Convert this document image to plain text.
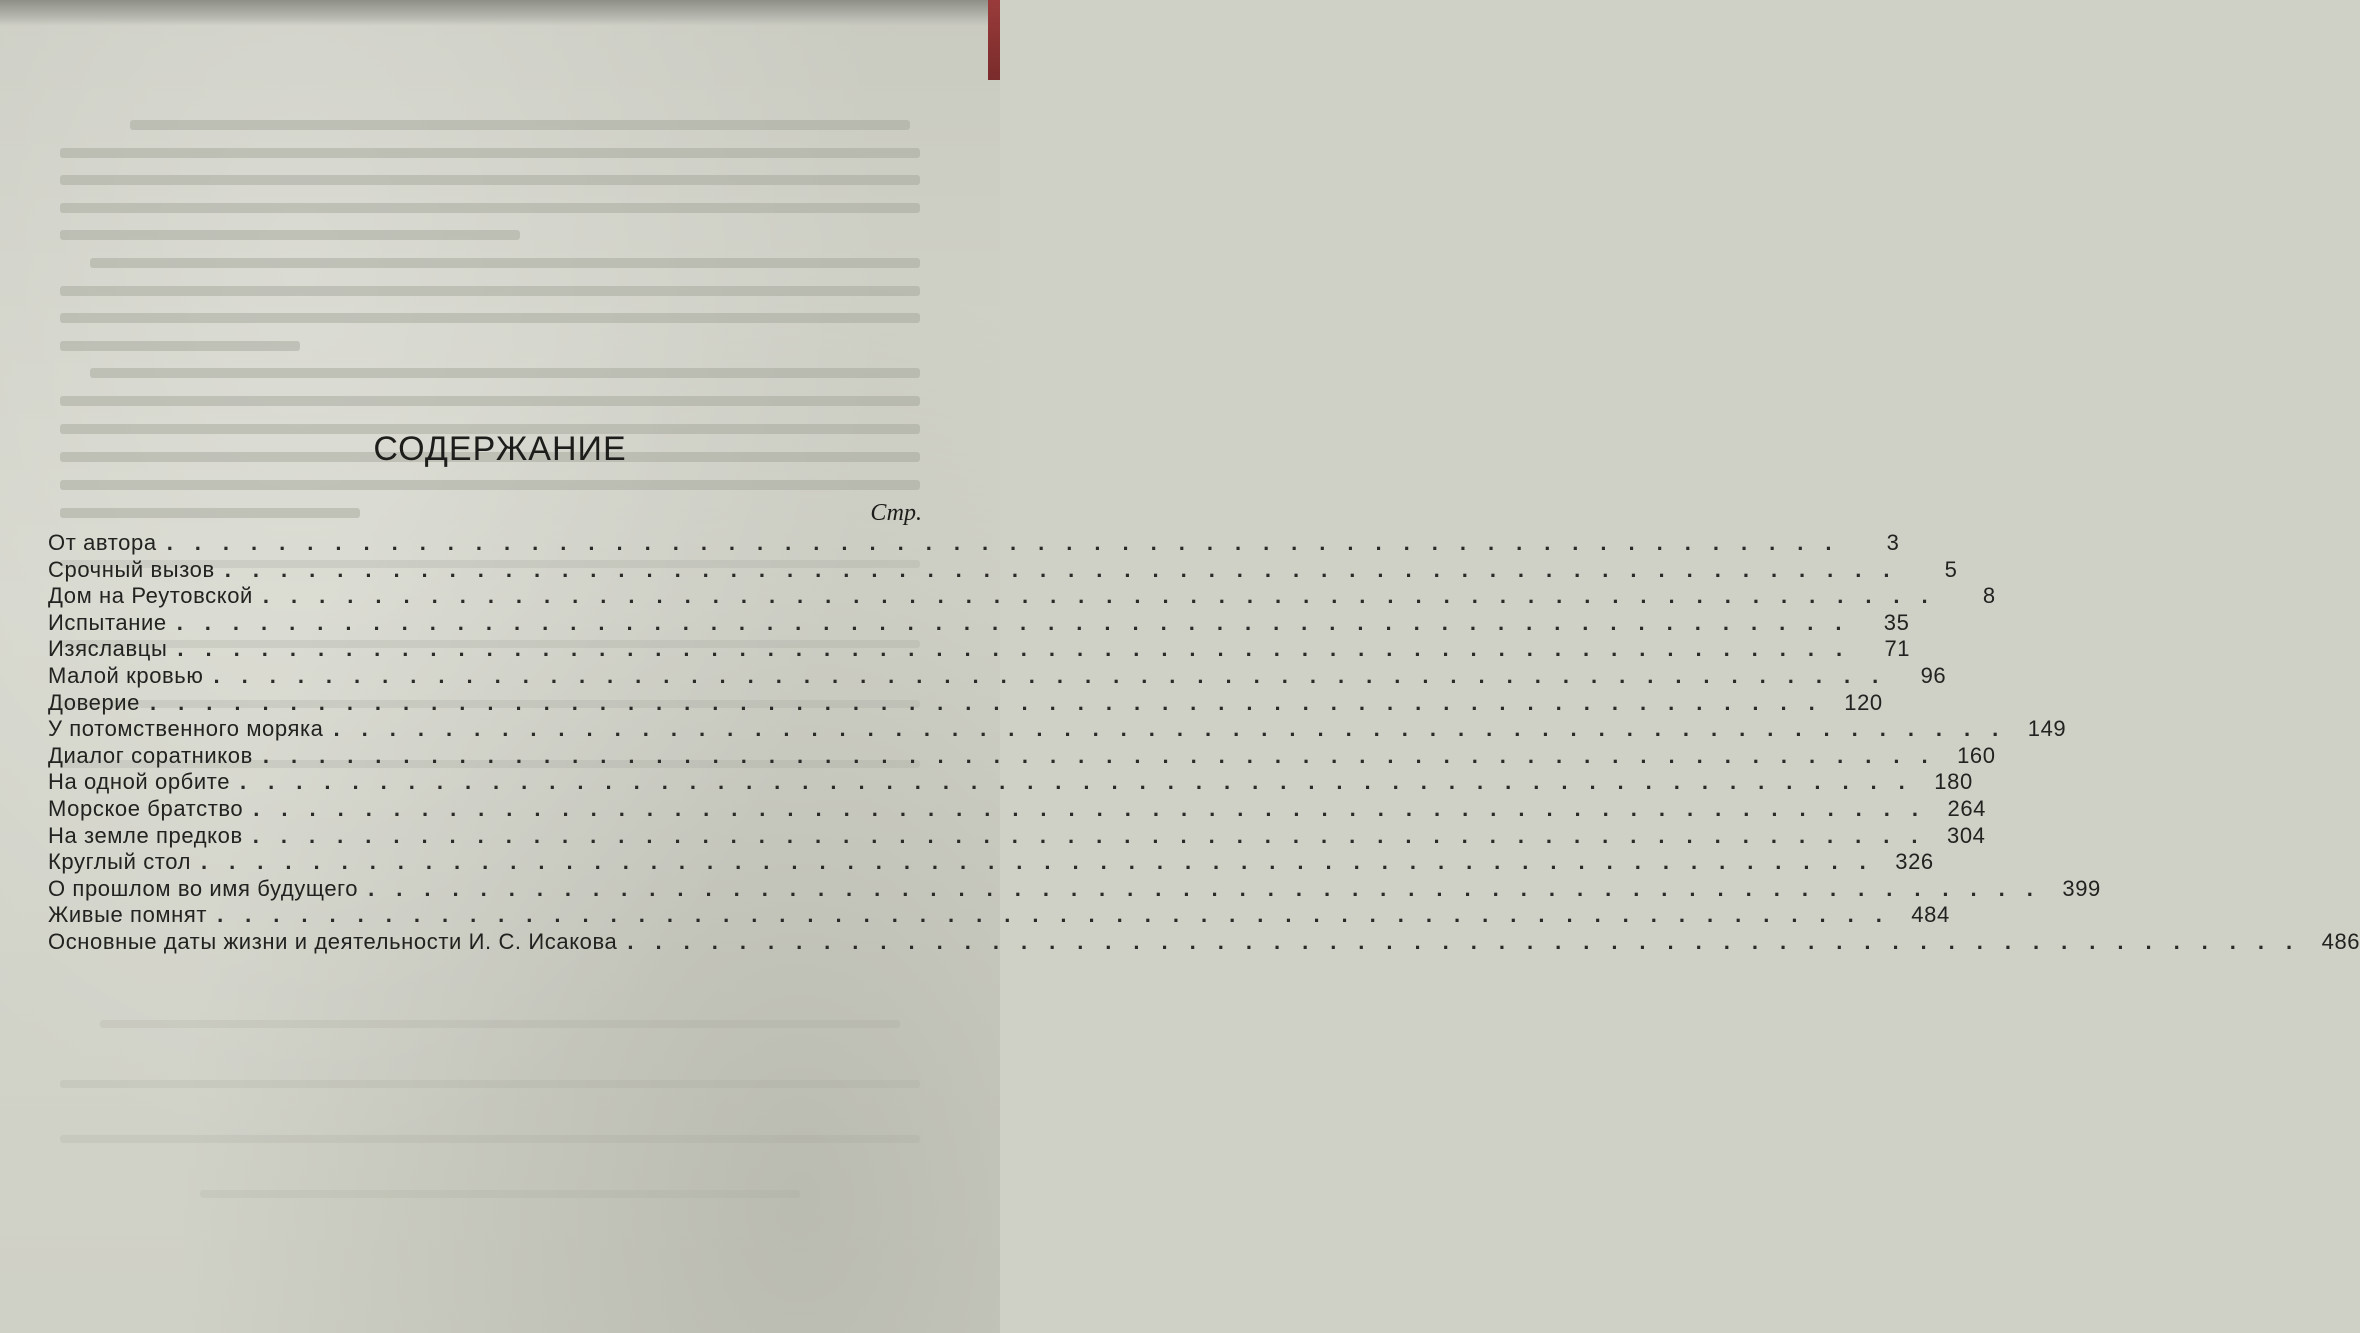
СОДЕРЖАНИЕ
Стр.
От автора ............................................................	3
Срочный вызов ............................................................	5
Дом на Реутовской ............................................................	8
Испытание ............................................................ 35
Изяславцы ............................................................ 71
Малой кровью ............................................................ 96
Доверие ............................................................ 120
У потомственного моряка ............................................................ 149
Диалог соратников ............................................................ 160
На одной орбите ............................................................ 180
Морское братство ............................................................ 264
На земле предков ............................................................ 304
Круглый стол ............................................................ 326
О прошлом во имя будущего ............................................................ 399
Живые помнят ............................................................ 484
Основные даты жизни и деятельности И. С. Исакова ............................................................ 486
